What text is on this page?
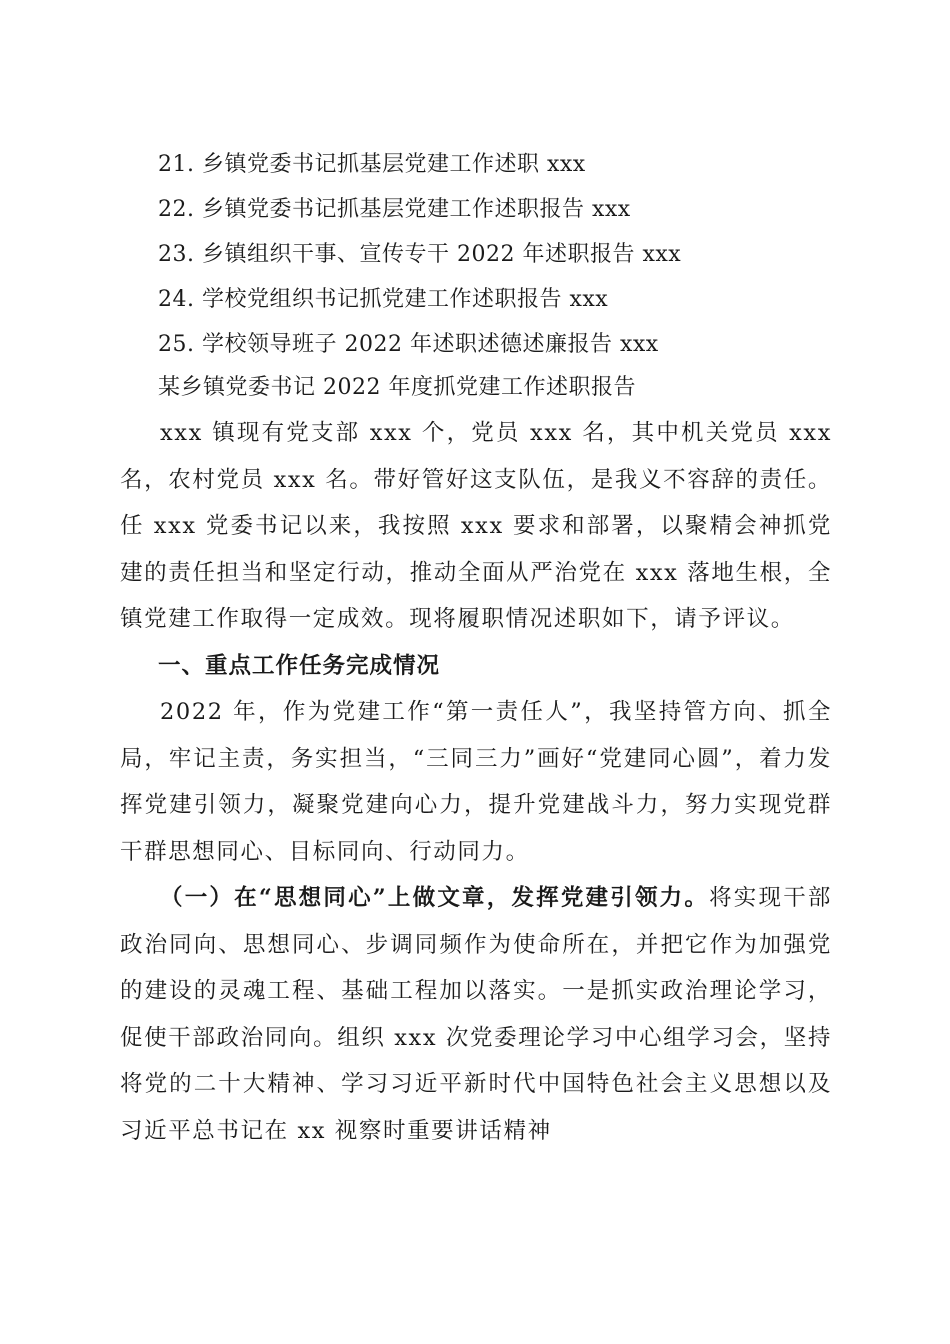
21. 乡镇党委书记抓基层党建工作述职 xxx
22. 乡镇党委书记抓基层党建工作述职报告 xxx
23. 乡镇组织干事、宣传专干 2022 年述职报告 xxx
24. 学校党组织书记抓党建工作述职报告 xxx
25. 学校领导班子 2022 年述职述德述廉报告 xxx
某乡镇党委书记 2022 年度抓党建工作述职报告

xxx 镇现有党支部 xxx 个，党员 xxx 名，其中机关党员 xxx 名，农村党员 xxx 名。带好管好这支队伍，是我义不容辞的责任。任 xxx 党委书记以来，我按照 xxx 要求和部署，以聚精会神抓党建的责任担当和坚定行动，推动全面从严治党在 xxx 落地生根，全镇党建工作取得一定成效。现将履职情况述职如下，请予评议。

一、重点工作任务完成情况

2022 年，作为党建工作“第一责任人”，我坚持管方向、抓全局，牢记主责，务实担当，“三同三力”画好“党建同心圆”，着力发挥党建引领力，凝聚党建向心力，提升党建战斗力，努力实现党群干群思想同心、目标同向、行动同力。

（一）在“思想同心”上做文章，发挥党建引领力。将实现干部政治同向、思想同心、步调同频作为使命所在，并把它作为加强党的建设的灵魂工程、基础工程加以落实。一是抓实政治理论学习，促使干部政治同向。组织 xxx 次党委理论学习中心组学习会，坚持将党的二十大精神、学习习近平新时代中国特色社会主义思想以及习近平总书记在 xx 视察时重要讲话精神
